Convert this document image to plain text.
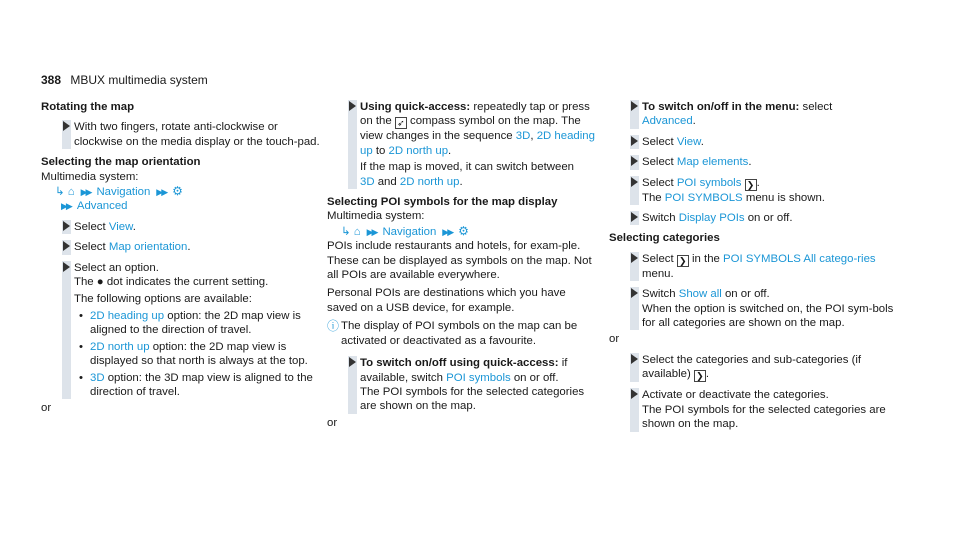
388 MBUX multimedia system

Rotating the map

With two fingers, rotate anti-clockwise or clockwise on the media display or the touch-pad.

Selecting the map orientation

Multimedia system:

↳ ⌂ ▶▶ Navigation ▶▶ ⚙

▶▶ Advanced

Select View.
Select Map orientation.
Select an option.
The ● dot indicates the current setting.
The following options are available:
• 2D heading up option: the 2D map view is aligned to the direction of travel.
• 2D north up option: the 2D map view is displayed so that north is always at the top.
• 3D option: the 3D map view is aligned to the direction of travel.

or

Using quick-access: repeatedly tap or press on the ➶ compass symbol on the map. The view changes in the sequence 3D, 2D heading up to 2D north up.
If the map is moved, it can switch between
3D and 2D north up.

Selecting POI symbols for the map display

Multimedia system:

↳ ⌂ ▶▶ Navigation ▶▶ ⚙

POIs include restaurants and hotels, for exam-ple. These can be displayed as symbols on the map. Not all POIs are available everywhere.

Personal POIs are destinations which you have saved on a USB device, for example.

ⓘ The display of POI symbols on the map can be activated or deactivated as a favourite.
To switch on/off using quick-access: if available, switch POI symbols on or off.
The POI symbols for the selected categories are shown on the map.

or

To switch on/off in the menu: select
Advanced.
Select View.
Select Map elements.
Select POI symbols ❯ .
The POI SYMBOLS menu is shown.
Switch Display POIs on or off.

Selecting categories

Select ❯ in the POI SYMBOLS All catego-ries menu.
Switch Show all on or off.
When the option is switched on, the POI sym-bols for all categories are shown on the map.

or

Select the categories and sub-categories (if available) ❯ .
Activate or deactivate the categories.
The POI symbols for the selected categories are shown on the map.
